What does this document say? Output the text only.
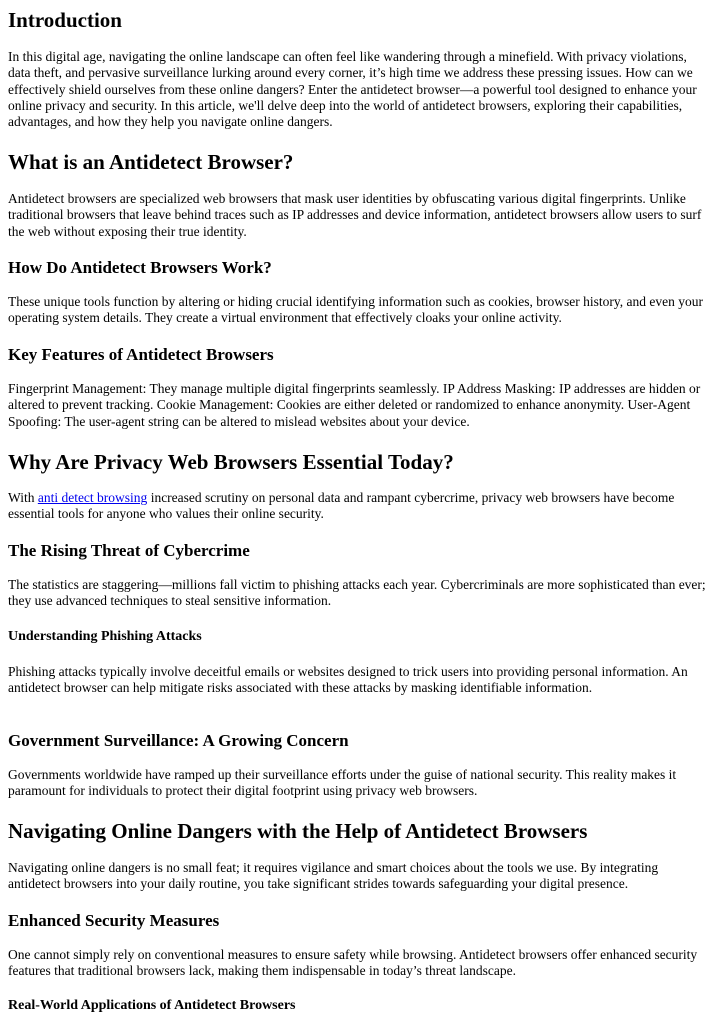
Introduction

In this digital age, navigating the online landscape can often feel like wandering through a minefield. With privacy violations, data theft, and pervasive surveillance lurking around every corner, it’s high time we address these pressing issues. How can we effectively shield ourselves from these online dangers? Enter the antidetect browser—a powerful tool designed to enhance your online privacy and security. In this article, we'll delve deep into the world of antidetect browsers, exploring their capabilities, advantages, and how they help you navigate online dangers.

What is an Antidetect Browser?

Antidetect browsers are specialized web browsers that mask user identities by obfuscating various digital fingerprints. Unlike traditional browsers that leave behind traces such as IP addresses and device information, antidetect browsers allow users to surf the web without exposing their true identity.

How Do Antidetect Browsers Work?

These unique tools function by altering or hiding crucial identifying information such as cookies, browser history, and even your operating system details. They create a virtual environment that effectively cloaks your online activity.

Key Features of Antidetect Browsers

Fingerprint Management: They manage multiple digital fingerprints seamlessly. IP Address Masking: IP addresses are hidden or altered to prevent tracking. Cookie Management: Cookies are either deleted or randomized to enhance anonymity. User-Agent Spoofing: The user-agent string can be altered to mislead websites about your device.

Why Are Privacy Web Browsers Essential Today?

With anti detect browsing increased scrutiny on personal data and rampant cybercrime, privacy web browsers have become essential tools for anyone who values their online security.

The Rising Threat of Cybercrime

The statistics are staggering—millions fall victim to phishing attacks each year. Cybercriminals are more sophisticated than ever; they use advanced techniques to steal sensitive information.

Understanding Phishing Attacks

Phishing attacks typically involve deceitful emails or websites designed to trick users into providing personal information. An antidetect browser can help mitigate risks associated with these attacks by masking identifiable information.

Government Surveillance: A Growing Concern

Governments worldwide have ramped up their surveillance efforts under the guise of national security. This reality makes it paramount for individuals to protect their digital footprint using privacy web browsers.

Navigating Online Dangers with the Help of Antidetect Browsers

Navigating online dangers is no small feat; it requires vigilance and smart choices about the tools we use. By integrating antidetect browsers into your daily routine, you take significant strides towards safeguarding your digital presence.

Enhanced Security Measures

One cannot simply rely on conventional measures to ensure safety while browsing. Antidetect browsers offer enhanced security features that traditional browsers lack, making them indispensable in today’s threat landscape.

Real-World Applications of Antidetect Browsers
